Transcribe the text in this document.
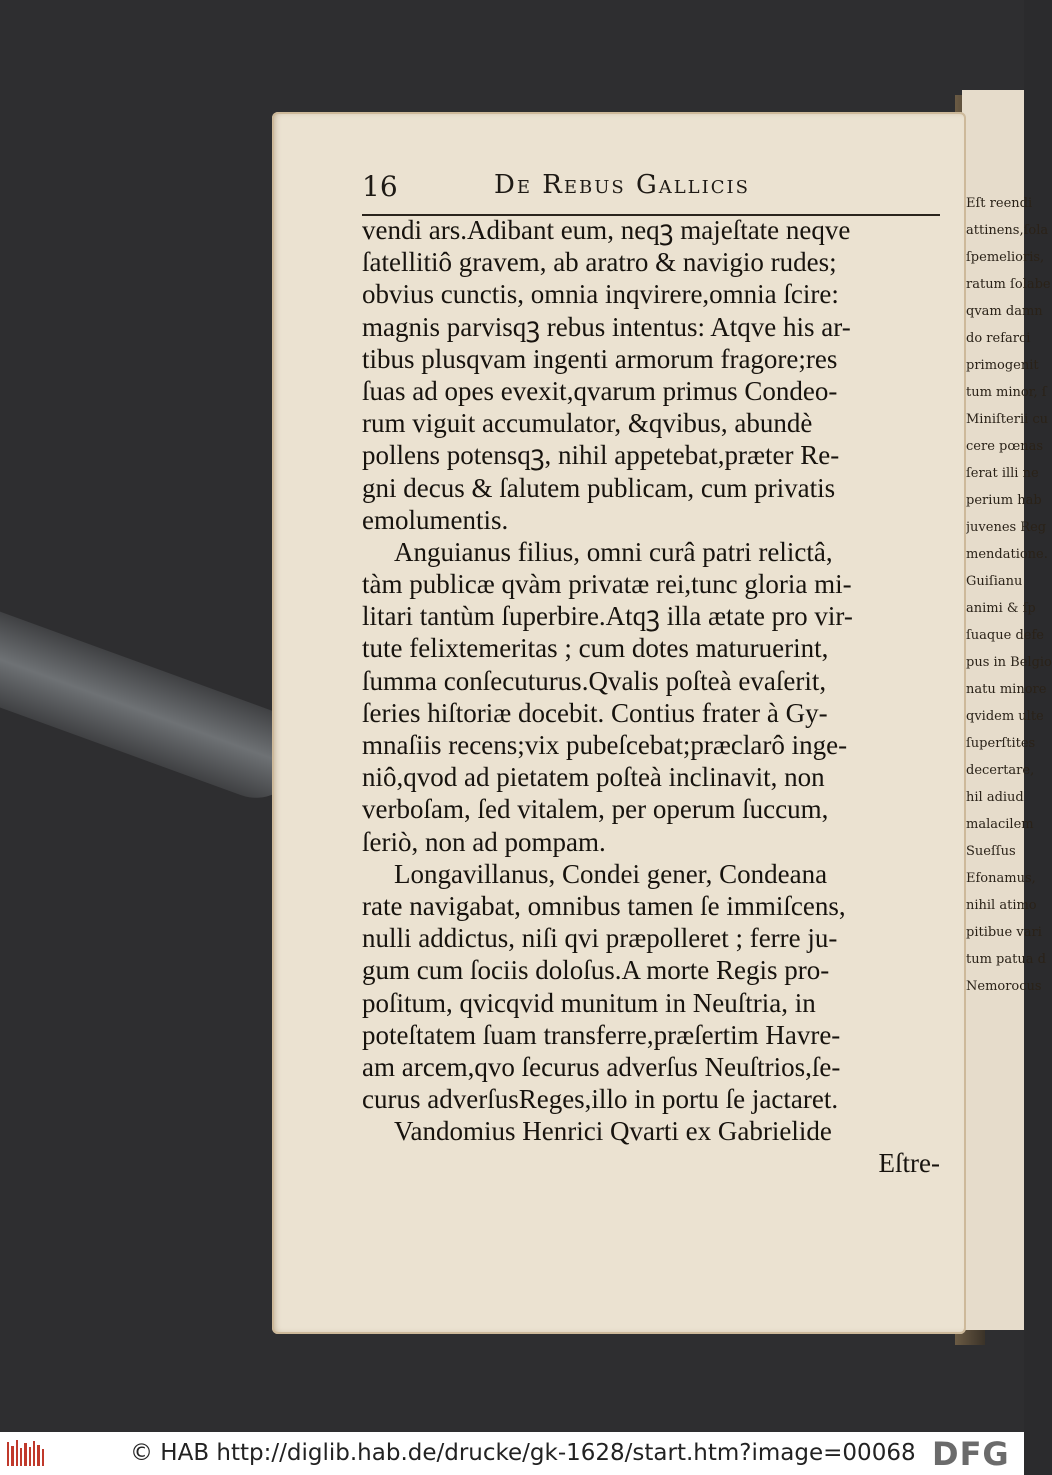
Eſt reendi
attinens,ſola
ſpemelioris,
ratum ſolabe
qvam damn
do refarci
primogenit
tum minor, ſ
Miniſterii cu
cere pœnas
ſerat illi ne
perium hab
juvenes Reg
mendatione.
Guiſianu
animi & ſp
ſuaque defe
pus in Belgio
natu minore
qvidem ulte
ſuperſtites
decertare,
hil adiud
malacilem
Sueſſus
Efonamus,
nihil atimo
pitibue vari
tum patua d
Nemorocus
16	De Rebus Gallicis
vendi ars.Adibant eum, neqꝫ majeſtate neqve
ſatellitiô gravem, ab aratro & navigio rudes;
obvius cunctis, omnia inqvirere,omnia ſcire:
magnis parvisqꝫ rebus intentus: Atqve his ar-
tibus plusqvam ingenti armorum fragore;res
ſuas ad opes evexit,qvarum primus Condeo-
rum viguit accumulator, &qvibus, abundè
pollens potensqꝫ, nihil appetebat,præter Re-
gni decus & ſalutem publicam, cum privatis
emolumentis.
Anguianus filius, omni curâ patri relictâ,
tàm publicæ qvàm privatæ rei,tunc gloria mi-
litari tantùm ſuperbire.Atqꝫ illa ætate pro vir-
tute felixtemeritas ; cum dotes maturuerint,
ſumma conſecuturus.Qvalis poſteà evaſerit,
ſeries hiſtoriæ docebit. Contius frater à Gy-
mnaſiis recens;vix pubeſcebat;præclarô inge-
niô,qvod ad pietatem poſteà inclinavit, non
verboſam, ſed vitalem, per operum ſuccum,
ſeriò, non ad pompam.
Longavillanus, Condei gener, Condeana
rate navigabat, omnibus tamen ſe immiſcens,
nulli addictus, niſi qvi præpolleret ; ferre ju-
gum cum ſociis doloſus.A morte Regis pro-
poſitum, qvicqvid munitum in Neuſtria, in
poteſtatem ſuam transferre,præſertim Havre-
am arcem,qvo ſecurus adverſus Neuſtrios,ſe-
curus adverſusReges,illo in portu ſe jactaret.
Vandomius Henrici Qvarti ex Gabrielide
Eſtre-
© HAB http://diglib.hab.de/drucke/gk-1628/start.htm?image=00068 DFG
